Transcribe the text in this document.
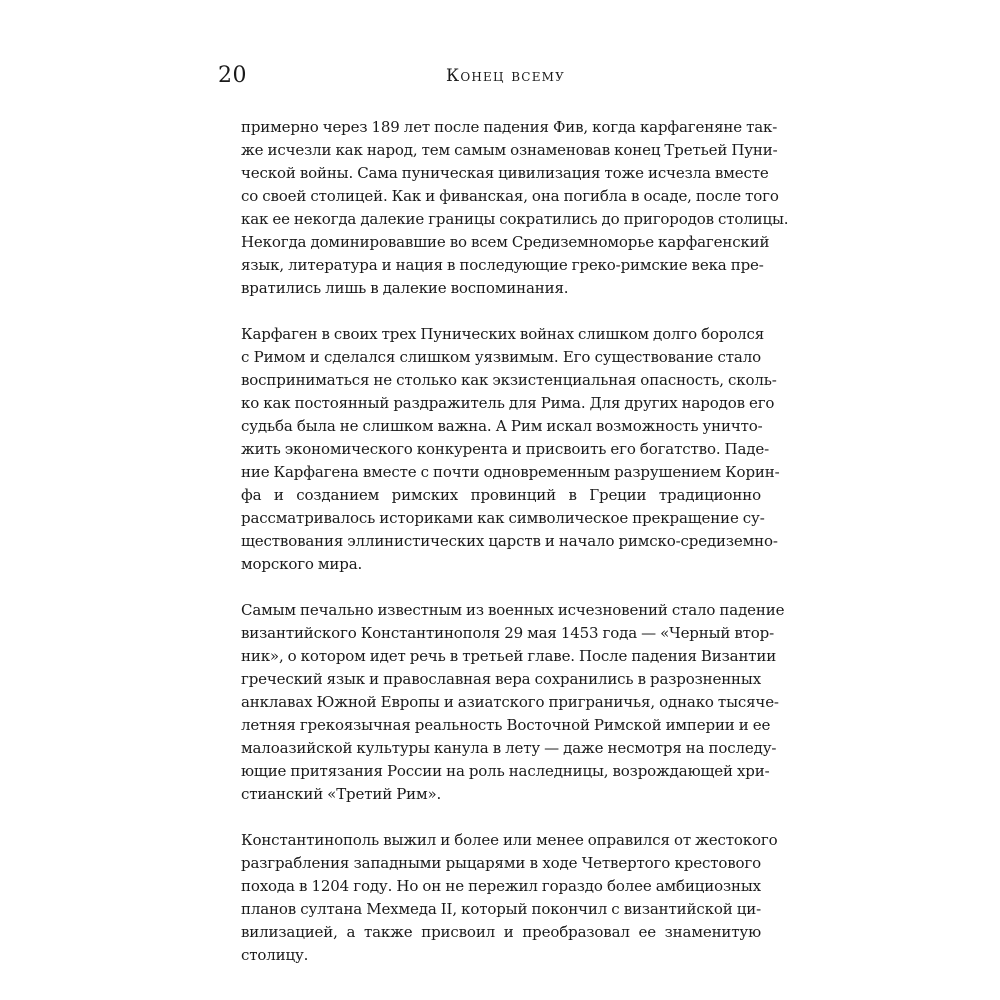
20	Конец всему

примерно через 189 лет после падения Фив, когда карфагеняне так-
же исчезли как народ, тем самым ознаменовав конец Третьей Пуни-
ческой войны. Сама пуническая цивилизация тоже исчезла вместе
со своей столицей. Как и фиванская, она погибла в осаде, после того
как ее некогда далекие границы сократились до пригородов столицы.
Некогда доминировавшие во всем Средиземноморье карфагенский
язык, литература и нация в последующие греко-римские века пре-
вратились лишь в далекие воспоминания.

Карфаген в своих трех Пунических войнах слишком долго боролся
с Римом и сделался слишком уязвимым. Его существование стало
восприниматься не столько как экзистенциальная опасность, сколь-
ко как постоянный раздражитель для Рима. Для других народов его
судьба была не слишком важна. А Рим искал возможность уничто-
жить экономического конкурента и присвоить его богатство. Паде-
ние Карфагена вместе с почти одновременным разрушением Корин-
фа и созданием римских провинций в Греции традиционно
рассматривалось историками как символическое прекращение су-
ществования эллинистических царств и начало римско-средиземно-
морского мира.

Самым печально известным из военных исчезновений стало падение
византийского Константинополя 29 мая 1453 года — «Черный втор-
ник», о котором идет речь в третьей главе. После падения Византии
греческий язык и православная вера сохранились в разрозненных
анклавах Южной Европы и азиатского приграничья, однако тысяче-
летняя грекоязычная реальность Восточной Римской империи и ее
малоазийской культуры канула в лету — даже несмотря на последу-
ющие притязания России на роль наследницы, возрождающей хри-
стианский «Третий Рим».

Константинополь выжил и более или менее оправился от жестокого
разграбления западными рыцарями в ходе Четвертого крестового
похода в 1204 году. Но он не пережил гораздо более амбициозных
планов султана Мехмеда II, который покончил с византийской ци-
вилизацией, а также присвоил и преобразовал ее знаменитую
столицу.
